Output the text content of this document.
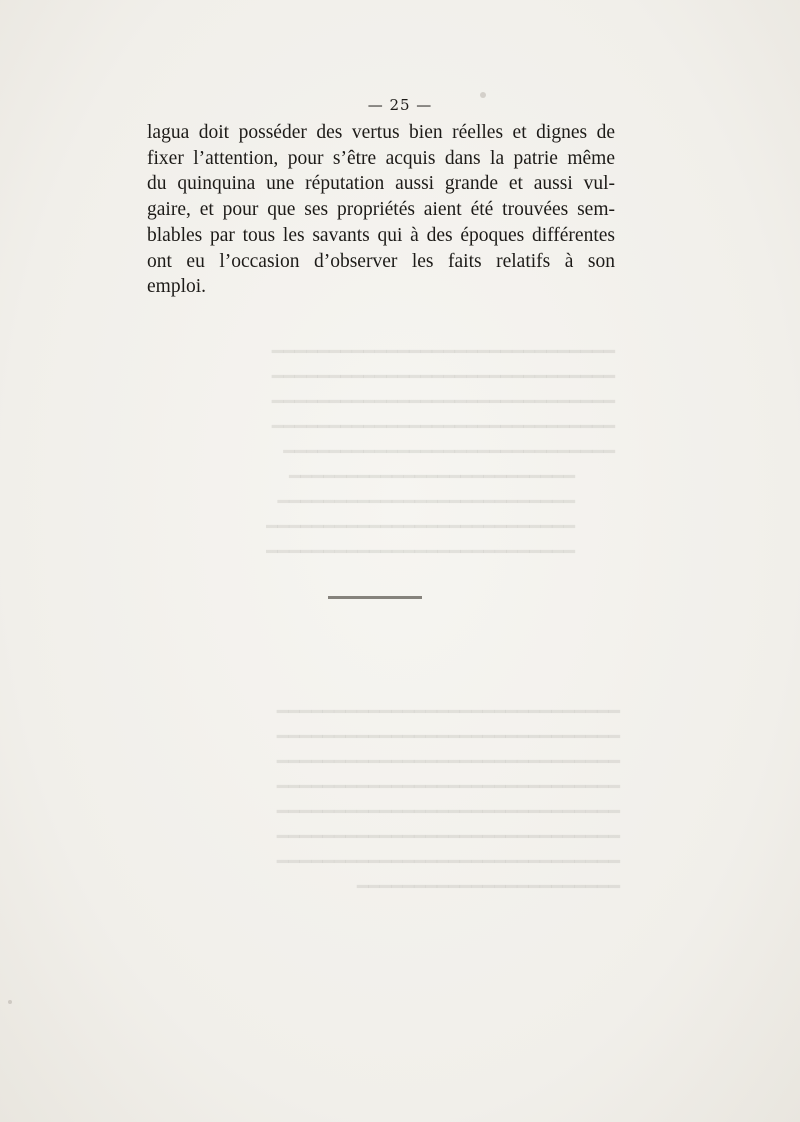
━━━━━━━━━━━━━━━━━━━━━━━━━━━━━━
━━━━━━━━━━━━━━━━━━━━━━━━━━━━━━
━━━━━━━━━━━━━━━━━━━━━━━━━━━━━━
━━━━━━━━━━━━━━━━━━━━━━━━━━━━━━
━━━━━━━━━━━━━━━━━━━━━━━━━━━━━
━━━━━━━━━━━━━━━━━━━━━━━━━
━━━━━━━━━━━━━━━━━━━━━━━━━━
━━━━━━━━━━━━━━━━━━━━━━━━━━━
━━━━━━━━━━━━━━━━━━━━━━━━━━━
━━━━━━━━━━━━━━━━━━━━━━━━━━━━━━
━━━━━━━━━━━━━━━━━━━━━━━━━━━━━━
━━━━━━━━━━━━━━━━━━━━━━━━━━━━━━
━━━━━━━━━━━━━━━━━━━━━━━━━━━━━━
━━━━━━━━━━━━━━━━━━━━━━━━━━━━━━
━━━━━━━━━━━━━━━━━━━━━━━━━━━━━━
━━━━━━━━━━━━━━━━━━━━━━━━━━━━━━
━━━━━━━━━━━━━━━━━━━━━━━
— 25 —
lagua doit posséder des vertus bien réelles et dignes de
fixer l’attention, pour s’être acquis dans la patrie même
du quinquina une réputation aussi grande et aussi vul-
gaire, et pour que ses propriétés aient été trouvées sem-
blables par tous les savants qui à des époques différentes
ont eu l’occasion d’observer les faits relatifs à son
emploi.
